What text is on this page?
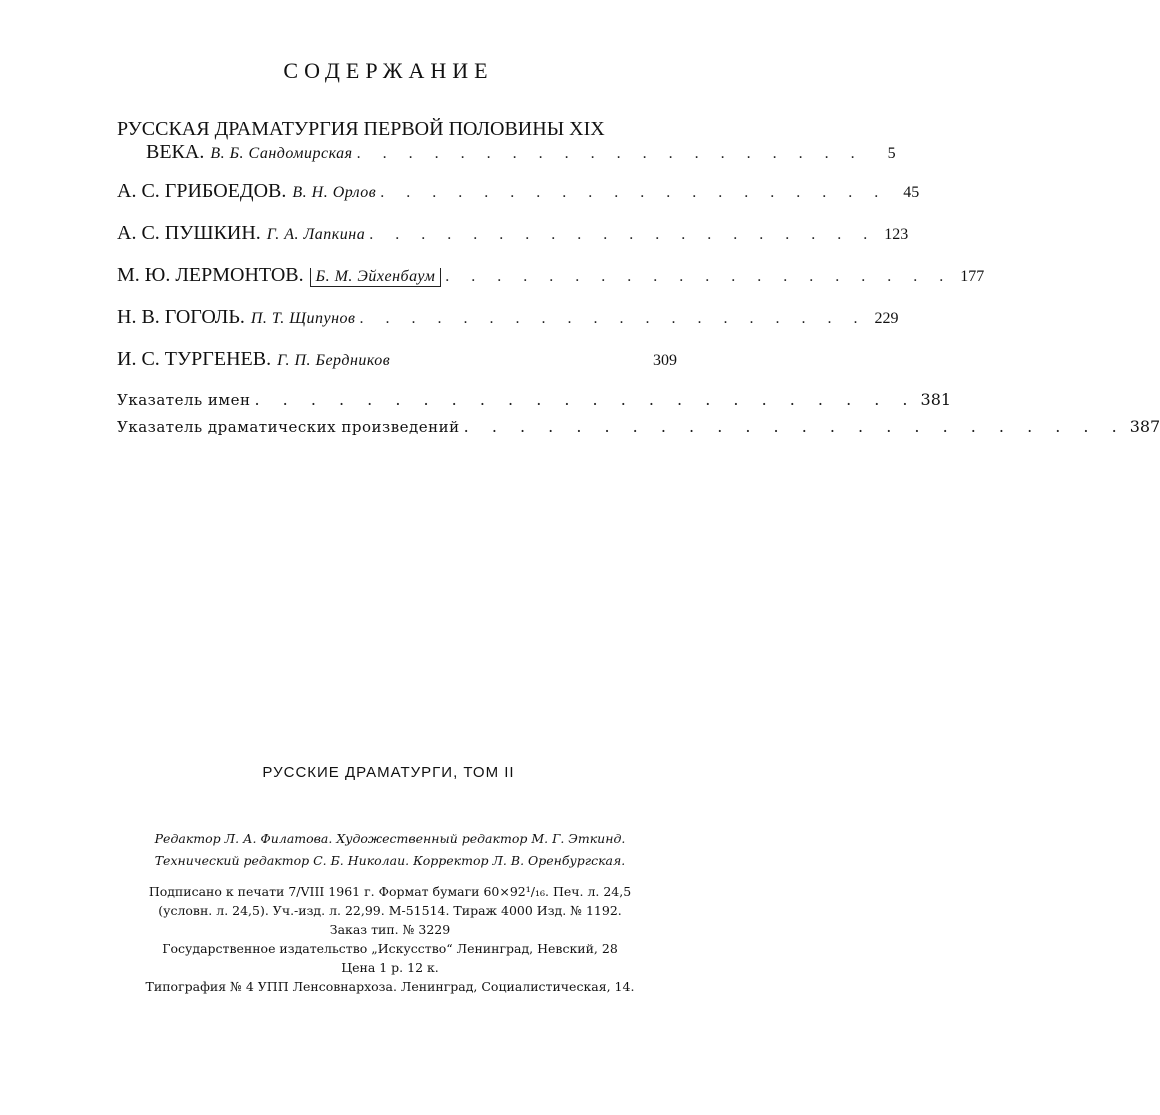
СОДЕРЖАНИЕ
РУССКАЯ ДРАМАТУРГИЯ ПЕРВОЙ ПОЛОВИНЫ XIX
ВЕКА. В. Б. Сандомирская . . . . . . . . . . . . . . . . . . . .	5
А. С. ГРИБОЕДОВ. В. Н. Орлов . . . . . . . . . . . . . . . . . . . .	45
А. С. ПУШКИН. Г. А. Лапкина . . . . . . . . . . . . . . . . . . . . 123
М. Ю. ЛЕРМОНТОВ. Б. М. Эйхенбаум . . . . . . . . . . . . . . . . . . . . 177
Н. В. ГОГОЛЬ. П. Т. Щипунов . . . . . . . . . . . . . . . . . . . . 229
И. С. ТУРГЕНЕВ. Г. П. Бердников	309
Указатель имен . . . . . . . . . . . . . . . . . . . . . . . . 381
Указатель драматических произведений . . . . . . . . . . . . . . . . . . . . . . . . 387
РУССКИЕ ДРАМАТУРГИ, ТОМ II

Редактор Л. А. Филатова. Художественный редактор М. Г. Эткинд.

Технический редактор С. Б. Николаи. Корректор Л. В. Оренбургская.

Подписано к печати 7/VIII 1961 г. Формат бумаги 60×92¹/₁₆. Печ. л. 24,5

(условн. л. 24,5). Уч.-изд. л. 22,99. М-51514. Тираж 4000 Изд. № 1192.

Заказ тип. № 3229

Государственное издательство „Искусство“ Ленинград, Невский, 28

Цена 1 р. 12 к.

Типография № 4 УПП Ленсовнархоза. Ленинград, Социалистическая, 14.
